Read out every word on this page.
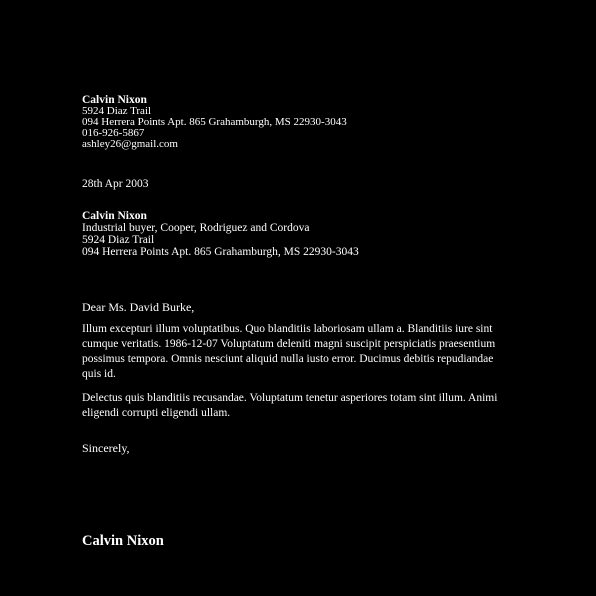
Calvin Nixon
5924 Diaz Trail
094 Herrera Points Apt. 865 Grahamburgh, MS 22930-3043
016-926-5867
ashley26@gmail.com
28th Apr 2003
Calvin Nixon
Industrial buyer, Cooper, Rodriguez and Cordova
5924 Diaz Trail
094 Herrera Points Apt. 865 Grahamburgh, MS 22930-3043
Dear Ms. David Burke,

Illum excepturi illum voluptatibus. Quo blanditiis laboriosam ullam a. Blanditiis iure sint cumque veritatis. 1986-12-07 Voluptatum deleniti magni suscipit perspiciatis praesentium possimus tempora. Omnis nesciunt aliquid nulla iusto error. Ducimus debitis repudiandae quis id.

Delectus quis blanditiis recusandae. Voluptatum tenetur asperiores totam sint illum. Animi eligendi corrupti eligendi ullam.

Sincerely,
Calvin Nixon
